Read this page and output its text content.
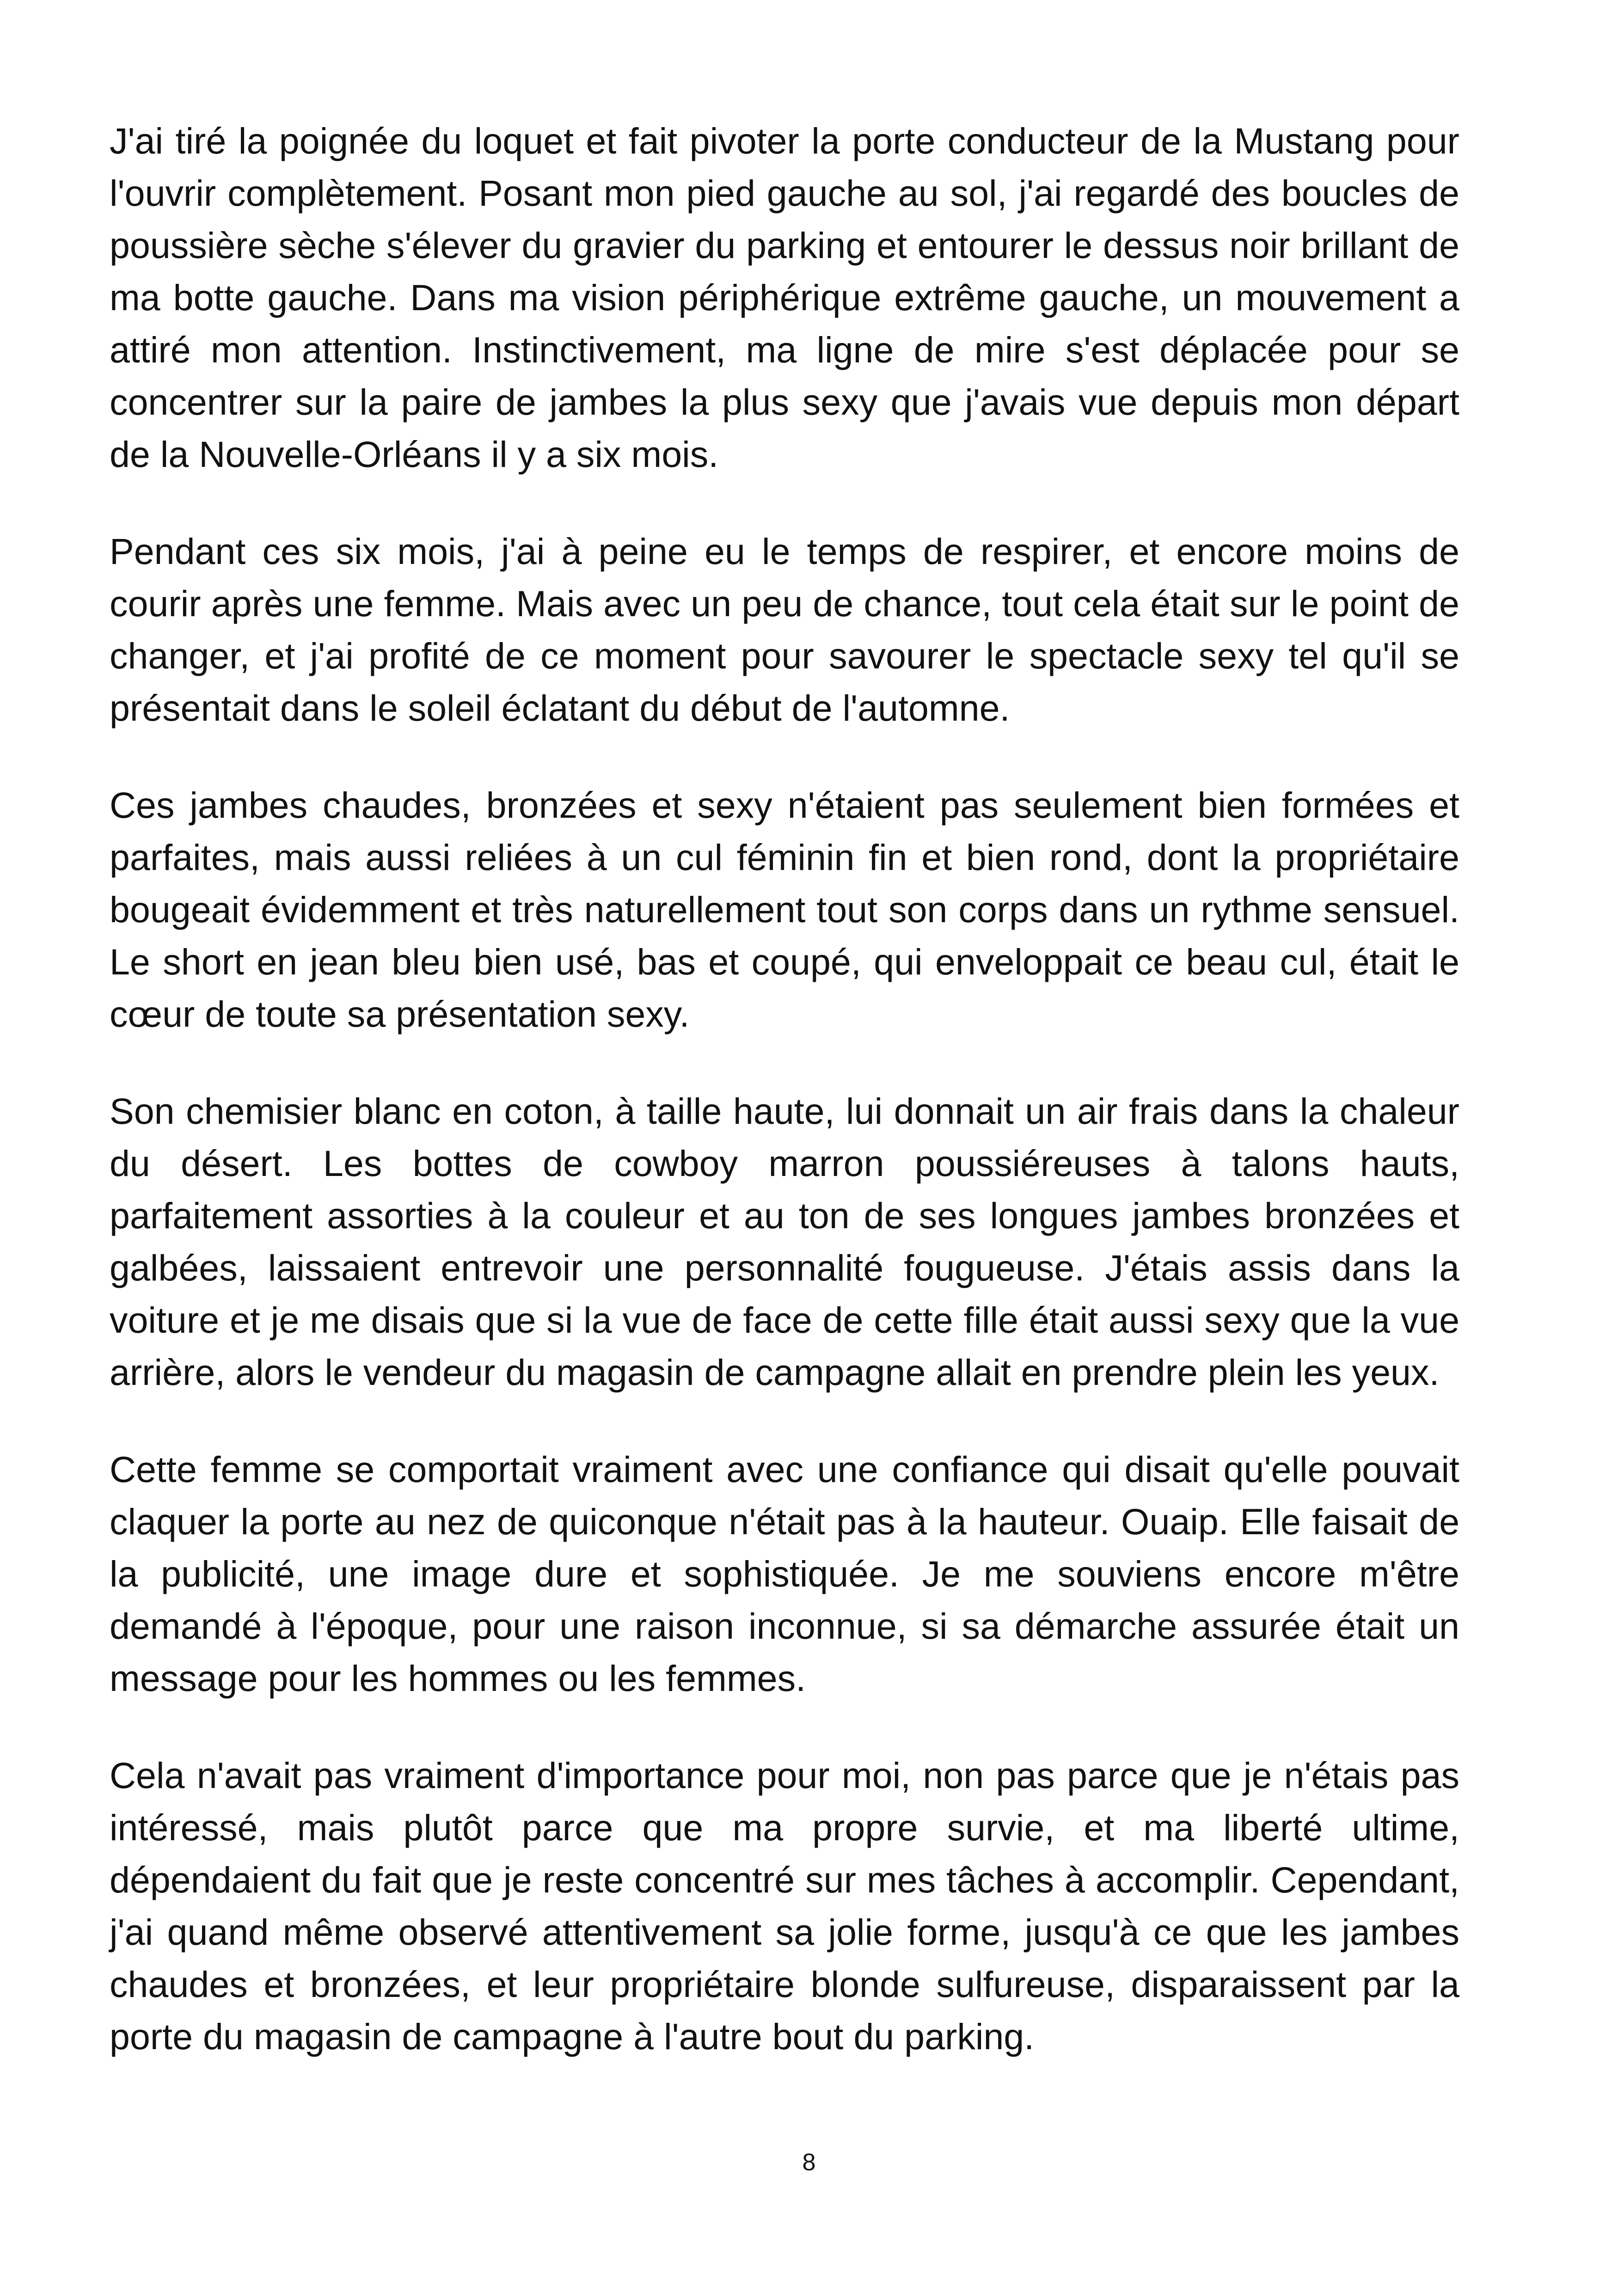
J'ai tiré la poignée du loquet et fait pivoter la porte conducteur de la Mustang pour l'ouvrir complètement. Posant mon pied gauche au sol, j'ai regardé des boucles de poussière sèche s'élever du gravier du parking et entourer le dessus noir brillant de ma botte gauche. Dans ma vision périphérique extrême gauche, un mouvement a attiré mon attention. Instinctivement, ma ligne de mire s'est déplacée pour se concentrer sur la paire de jambes la plus sexy que j'avais vue depuis mon départ de la Nouvelle-Orléans il y a six mois.

Pendant ces six mois, j'ai à peine eu le temps de respirer, et encore moins de courir après une femme. Mais avec un peu de chance, tout cela était sur le point de changer, et j'ai profité de ce moment pour savourer le spectacle sexy tel qu'il se présentait dans le soleil éclatant du début de l'automne.

Ces jambes chaudes, bronzées et sexy n'étaient pas seulement bien formées et parfaites, mais aussi reliées à un cul féminin fin et bien rond, dont la propriétaire bougeait évidemment et très naturellement tout son corps dans un rythme sensuel. Le short en jean bleu bien usé, bas et coupé, qui enveloppait ce beau cul, était le cœur de toute sa présentation sexy.

Son chemisier blanc en coton, à taille haute, lui donnait un air frais dans la chaleur du désert. Les bottes de cowboy marron poussiéreuses à talons hauts, parfaitement assorties à la couleur et au ton de ses longues jambes bronzées et galbées, laissaient entrevoir une personnalité fougueuse. J'étais assis dans la voiture et je me disais que si la vue de face de cette fille était aussi sexy que la vue arrière, alors le vendeur du magasin de campagne allait en prendre plein les yeux.

Cette femme se comportait vraiment avec une confiance qui disait qu'elle pouvait claquer la porte au nez de quiconque n'était pas à la hauteur. Ouaip. Elle faisait de la publicité, une image dure et sophistiquée. Je me souviens encore m'être demandé à l'époque, pour une raison inconnue, si sa démarche assurée était un message pour les hommes ou les femmes.

Cela n'avait pas vraiment d'importance pour moi, non pas parce que je n'étais pas intéressé, mais plutôt parce que ma propre survie, et ma liberté ultime, dépendaient du fait que je reste concentré sur mes tâches à accomplir. Cependant, j'ai quand même observé attentivement sa jolie forme, jusqu'à ce que les jambes chaudes et bronzées, et leur propriétaire blonde sulfureuse, disparaissent par la porte du magasin de campagne à l'autre bout du parking.

8
